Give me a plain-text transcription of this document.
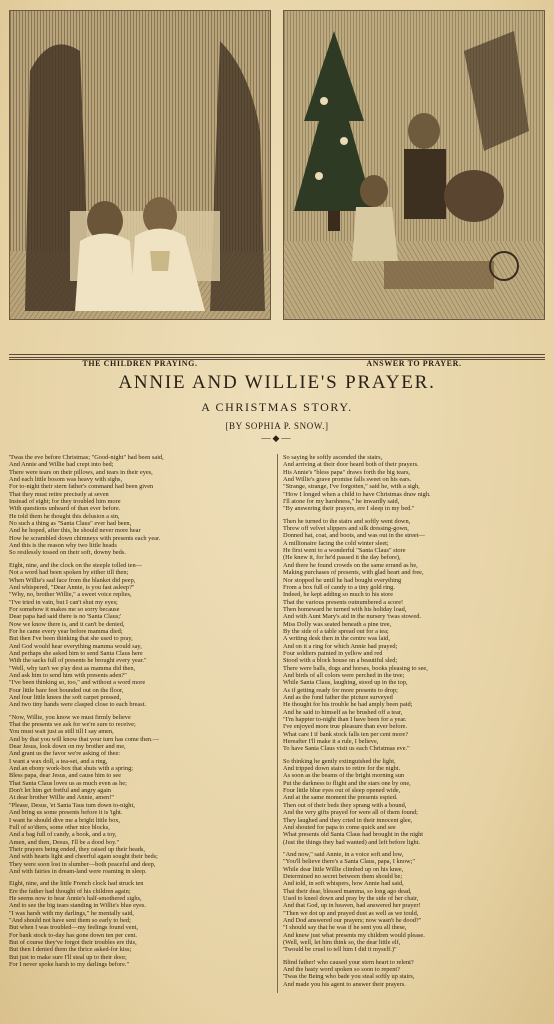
THE CHILDREN PRAYING.	ANSWER TO PRAYER.
ANNIE AND WILLIE'S PRAYER.
A CHRISTMAS STORY.
[BY SOPHIA P. SNOW.]
—◆—
'Twas the eve before Christmas; "Good-night" had been said,
And Annie and Willie had crept into bed;
There were tears on their pillows, and tears in their eyes,
And each little bosom was heavy with sighs,
For to-night their stern father's command had been given
That they must retire precisely at seven
Instead of eight; for they troubled him more
With questions unheard of than ever before.
He told them he thought this delusion a sin,
No such a thing as "Santa Claus" ever had been,
And he hoped, after this, he should never more hear
How he scrambled down chimneys with presents each year.
And this is the reason why two little heads
So restlessly tossed on their soft, downy beds.
Eight, nine, and the clock on the steeple tolled ten—
Not a word had been spoken by either till then;
When Willie's sad face from the blanket did peep,
And whispered, "Dear Annie, is you fast asleep?"
"Why, no, brother Willie," a sweet voice replies,
"I've tried in vain, but I can't shut my eyes;
For somehow it makes me so sorry because
Dear papa had said there is no 'Santa Claus;'
Now we know there is, and it can't be denied,
For he came every year before mamma died;
But then I've been thinking that she used to pray,
And God would hear everything mamma would say,
And perhaps she asked him to send Santa Claus here
With the sacks full of presents he brought every year."
"Well, why tan't we p'ay dest as mamma did then,
And ask him to send him with presents aden?"
"I've been thinking so, too," and without a word more
Four little bare feet bounded out on the floor,
And four little knees the soft carpet pressed,
And two tiny hands were clasped close to each breast.
"Now, Willie, you know we must firmly believe
That the presents we ask for we're sure to receive;
You must wait just as still till I say amen,
And by that you will know that your turn has come then.—
Dear Jesus, look down on my brother and me,
And grant us the favor we're asking of thee:
I want a wax doll, a tea-set, and a ring,
And an ebony work-box that shuts with a spring;
Bless papa, dear Jesus, and cause him to see
That Santa Claus loves us as much even as he;
Don't let him get fretful and angry again
At dear brother Willie and Annie, amen!"
"Please, Desus, 'et Santa Taus tum down to-night,
And bring us some presents before it is 'ight.
I want he should dive me a bright little box,
Full of so'diers, some other nice blocks,
And a bag full of candy, a book, and a toy,
Amen, and then, Desus, I'll be a dood boy."
Their prayers being ended, they raised up their heads,
And with hearts light and cheerful again sought their beds;
They were soon lost in slumber—both peaceful and deep,
And with fairies in dream-land were roaming in sleep.
Eight, nine, and the little French clock had struck ten
Ere the father had thought of his children again;
He seems now to hear Annie's half-smothered sighs,
And to see the big tears standing in Willie's blue eyes.
"I was harsh with my darlings," he mentally said,
"And should not have sent them so early to bed;
But when I was troubled—my feelings found vent,
For bank stock to-day has gone down ten per cent.
But of course they've forgot their troubles ere this,
But then I denied them the thrice asked-for kiss;
But just to make sure I'll steal up to their door,
For I never spoke harsh to my darlings before."
So saying he softly ascended the stairs,
And arriving at their door heard both of their prayers.
His Annie's "bless papa" draws forth the big tears,
And Willie's grave promise falls sweet on his ears.
"Strange, strange, I've forgotten," said he, with a sigh,
"How I longed when a child to have Christmas draw nigh.
I'll atone for my harshness," he inwardly said,
"By answering their prayers, ere I sleep in my bed."
Then he turned to the stairs and softly went down,
Threw off velvet slippers and silk dressing-gown,
Donned hat, coat, and boots, and was out in the street—
A millionaire facing the cold winter sleet;
He first went to a wonderful "Santa Claus" store
(He knew it, for he'd passed it the day before),
And there he found crowds on the same errand as he,
Making purchases of presents, with glad heart and free,
Nor stopped he until he had bought everything
From a box full of candy to a tiny gold ring.
Indeed, he kept adding so much to his store
That the various presents outnumbered a score!
Then homeward he turned with his holiday load,
And with Aunt Mary's aid in the nursery 'twas stowed.
Miss Dolly was seated beneath a pine tree,
By the side of a table spread out for a tea;
A writing desk then in the centre was laid,
And on it a ring for which Annie had prayed;
Four soldiers painted in yellow and red
Stood with a block house on a beautiful sled;
There were balls, dogs and horses, books pleasing to see,
And birds of all colors were perched in the tree;
While Santa Claus, laughing, stood up in the top,
As if getting ready for more presents to drop;
And as the fond father the picture surveyed
He thought for his trouble he had amply been paid;
And he said to himself as he brushed off a tear,
"I'm happier to-night than I have been for a year.
I've enjoyed more true pleasure than ever before.
What care I if bank stock falls ten per cent more?
Hereafter I'll make it a rule, I believe,
To have Santa Claus visit us each Christmas eve."
So thinking he gently extinguished the light,
And tripped down stairs to retire for the night.
As soon as the beams of the bright morning sun
Put the darkness to flight and the stars one by one,
Four little blue eyes out of sleep opened wide,
And at the same moment the presents espied.
Then out of their beds they sprang with a bound,
And the very gifts prayed for were all of them found;
They laughed and they cried in their innocent glee,
And shouted for papa to come quick and see
What presents old Santa Claus had brought in the night
(Just the things they had wanted) and left before light.
"And now," said Annie, in a voice soft and low,
"You'll believe there's a Santa Claus, papa, I know;"
While dear little Willie climbed up on his knee,
Determined no secret between them should be;
And told, in soft whispers, how Annie had said,
That their dear, blessed mamma, so long ago dead,
Used to kneel down and pray by the side of her chair,
And that God, up in heaven, had answered her prayer!
"Then we dot up and prayed dust as well as we tould,
And Dod answered our prayers; now wasn't he dood?"
"I should say that he was if he sent you all these,
And knew just what presents my children would please.
(Well, well, let him think so, the dear little elf,
'Twould be cruel to tell him I did it myself.)"
Blind father! who caused your stern heart to relent?
And the hasty word spoken so soon to repent?
'Twas the Being who bade you steal softly up stairs,
And made you his agent to answer their prayers.
